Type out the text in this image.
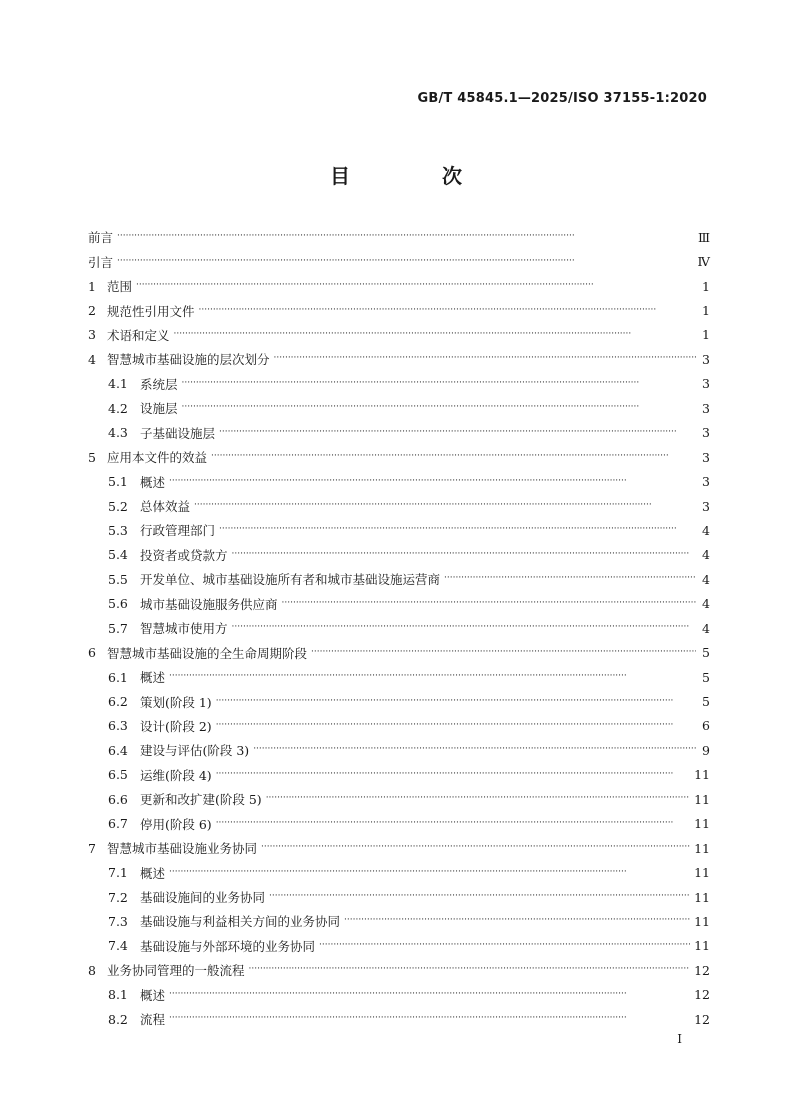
GB/T 45845.1—2025/ISO 37155-1:2020
目　次
前言 ·····	Ⅲ
引言 ·····	Ⅳ
1 范围 ·····	1
2 规范性引用文件 ·····	1
3 术语和定义 ·····	1
4 智慧城市基础设施的层次划分 ·····	3
4.1 系统层 ·····	3
4.2 设施层 ·····	3
4.3 子基础设施层 ·····	3
5 应用本文件的效益 ·····	3
5.1 概述 ·····	3
5.2 总体效益 ·····	3
5.3 行政管理部门 ·····	4
5.4 投资者或贷款方 ·····	4
5.5 开发单位、城市基础设施所有者和城市基础设施运营商 ·····	4
5.6 城市基础设施服务供应商 ·····	4
5.7 智慧城市使用方 ·····	4
6 智慧城市基础设施的全生命周期阶段 ·····	5
6.1 概述 ·····	5
6.2 策划(阶段 1) ·····	5
6.3 设计(阶段 2) ·····	6
6.4 建设与评估(阶段 3) ·····	9
6.5 运维(阶段 4) ·····	11
6.6 更新和改扩建(阶段 5) ·····	11
6.7 停用(阶段 6) ·····	11
7 智慧城市基础设施业务协同 ·····	11
7.1 概述 ·····	11
7.2 基础设施间的业务协同 ·····	11
7.3 基础设施与利益相关方间的业务协同 ·····	11
7.4 基础设施与外部环境的业务协同 ·····	11
8 业务协同管理的一般流程 ·····	12
8.1 概述 ·····	12
8.2 流程 ·····	12
Ⅰ
